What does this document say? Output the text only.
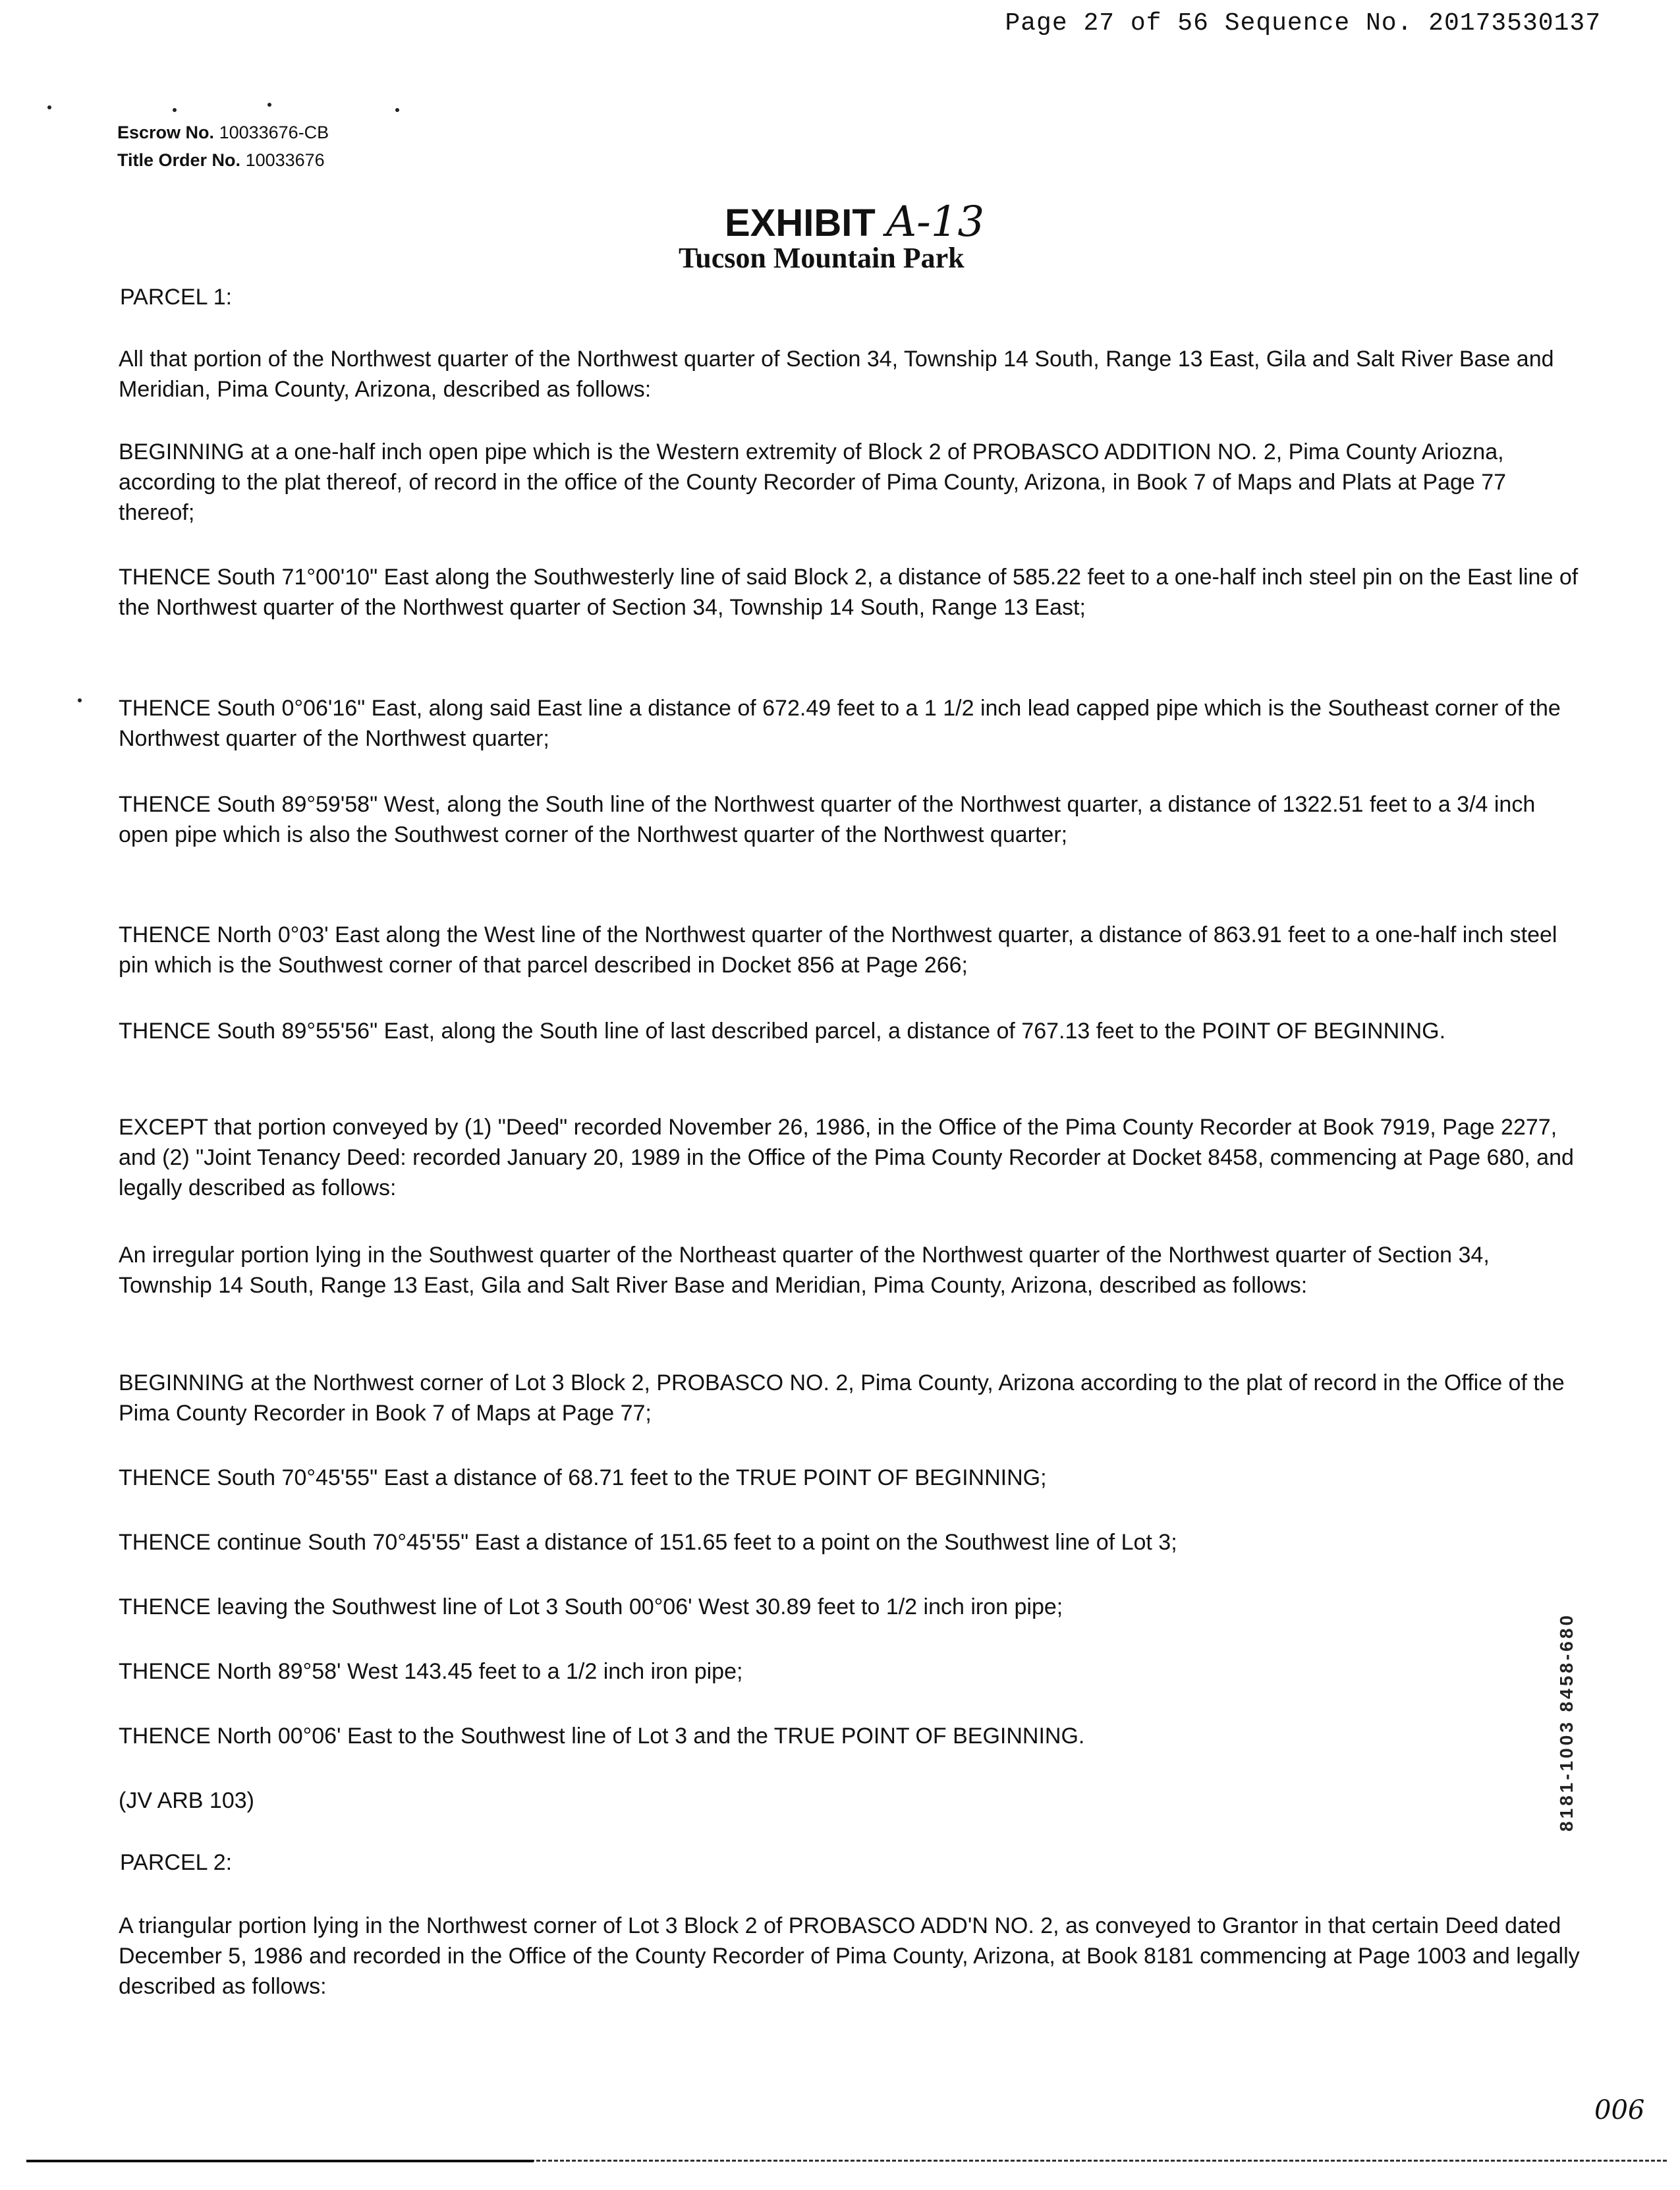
Page 27 of 56 Sequence No. 20173530137
Escrow No. 10033676-CB
Title Order No. 10033676
EXHIBIT A-13
Tucson Mountain Park
PARCEL 1:

All that portion of the Northwest quarter of the Northwest quarter of Section 34, Township 14 South, Range 13 East, Gila and Salt River Base and Meridian, Pima County, Arizona, described as follows:

BEGINNING at a one-half inch open pipe which is the Western extremity of Block 2 of PROBASCO ADDITION NO. 2, Pima County Ariozna, according to the plat thereof, of record in the office of the County Recorder of Pima County, Arizona, in Book 7 of Maps and Plats at Page 77 thereof;

THENCE South 71°00'10" East along the Southwesterly line of said Block 2, a distance of 585.22 feet to a one-half inch steel pin on the East line of the Northwest quarter of the Northwest quarter of Section 34, Township 14 South, Range 13 East;

THENCE South 0°06'16" East, along said East line a distance of 672.49 feet to a 1 1/2 inch lead capped pipe which is the Southeast corner of the Northwest quarter of the Northwest quarter;

THENCE South 89°59'58" West, along the South line of the Northwest quarter of the Northwest quarter, a distance of 1322.51 feet to a 3/4 inch open pipe which is also the Southwest corner of the Northwest quarter of the Northwest quarter;

THENCE North 0°03' East along the West line of the Northwest quarter of the Northwest quarter, a distance of 863.91 feet to a one-half inch steel pin which is the Southwest corner of that parcel described in Docket 856 at Page 266;

THENCE South 89°55'56" East, along the South line of last described parcel, a distance of 767.13 feet to the POINT OF BEGINNING.

EXCEPT that portion conveyed by (1) "Deed" recorded November 26, 1986, in the Office of the Pima County Recorder at Book 7919, Page 2277, and (2) "Joint Tenancy Deed: recorded January 20, 1989 in the Office of the Pima County Recorder at Docket 8458, commencing at Page 680, and legally described as follows:

An irregular portion lying in the Southwest quarter of the Northeast quarter of the Northwest quarter of the Northwest quarter of Section 34, Township 14 South, Range 13 East, Gila and Salt River Base and Meridian, Pima County, Arizona, described as follows:

BEGINNING at the Northwest corner of Lot 3 Block 2, PROBASCO NO. 2, Pima County, Arizona according to the plat of record in the Office of the Pima County Recorder in Book 7 of Maps at Page 77;

THENCE South 70°45'55" East a distance of 68.71 feet to the TRUE POINT OF BEGINNING;

THENCE continue South 70°45'55" East a distance of 151.65 feet to a point on the Southwest line of Lot 3;

THENCE leaving the Southwest line of Lot 3 South 00°06' West 30.89 feet to 1/2 inch iron pipe;

THENCE North 89°58' West 143.45 feet to a 1/2 inch iron pipe;

THENCE North 00°06' East to the Southwest line of Lot 3 and the TRUE POINT OF BEGINNING.

(JV ARB 103)

PARCEL 2:

A triangular portion lying in the Northwest corner of Lot 3 Block 2 of PROBASCO ADD'N NO. 2, as conveyed to Grantor in that certain Deed dated December 5, 1986 and recorded in the Office of the County Recorder of Pima County, Arizona, at Book 8181 commencing at Page 1003 and legally described as follows:

8181-1003 8458-680
006
